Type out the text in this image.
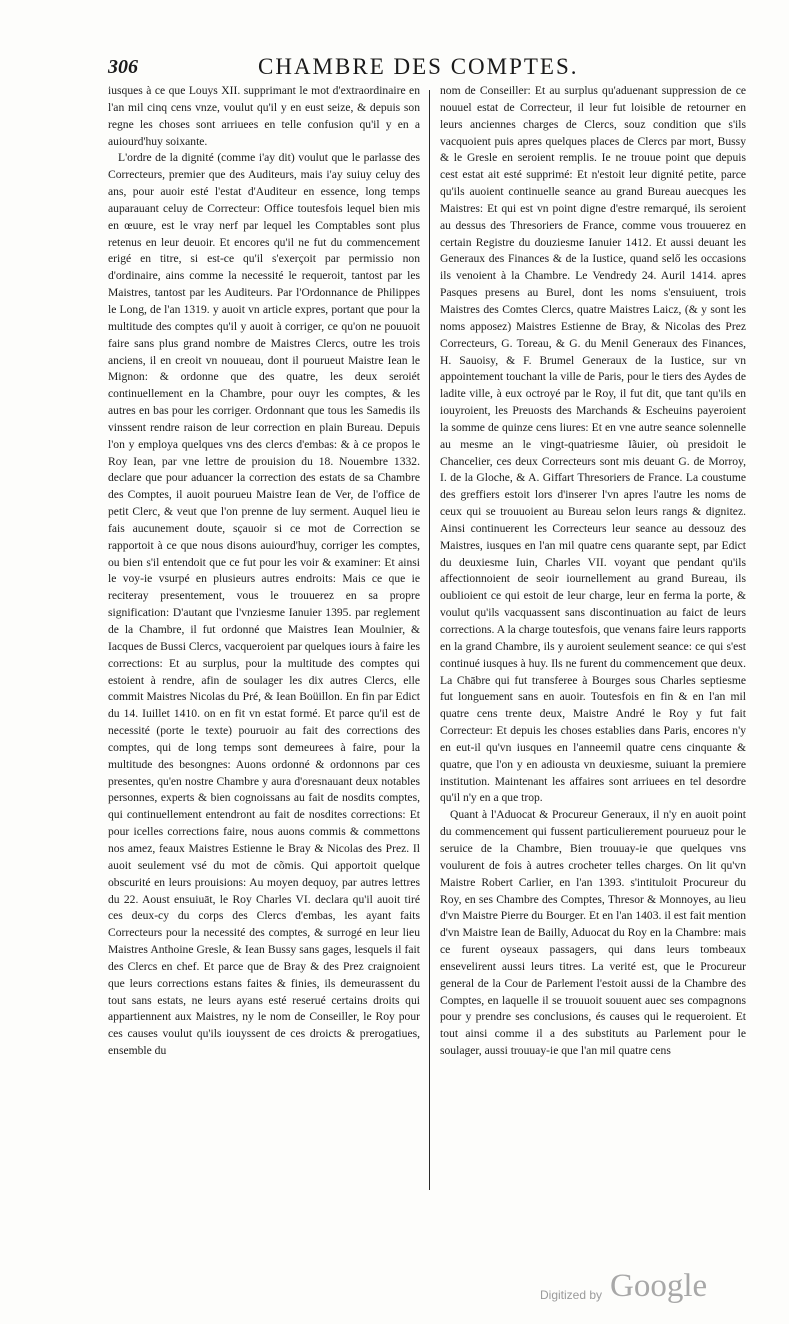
306	CHAMBRE DES COMPTES.

iusques à ce que Louys XII. supprimant le mot d'extraordinaire en l'an mil cinq cens vnze, voulut qu'il y en eust seize, & depuis son regne les choses sont arriuees en telle confusion qu'il y en a auiourd'huy soixante.

L'ordre de la dignité (comme i'ay dit) voulut que le parlasse des Correcteurs, premier que des Auditeurs, mais i'ay suiuy celuy des ans, pour auoir esté l'estat d'Auditeur en essence, long temps auparauant celuy de Correcteur: Office toutesfois lequel bien mis en œuure, est le vray nerf par lequel les Comptables sont plus retenus en leur deuoir. Et encores qu'il ne fut du commencement erigé en titre, si est-ce qu'il s'exerçoit par permissio non d'ordinaire, ains comme la necessité le requeroit, tantost par les Maistres, tantost par les Auditeurs. Par l'Ordonnance de Philippes le Long, de l'an 1319. y auoit vn article expres, portant que pour la multitude des comptes qu'il y auoit à corriger, ce qu'on ne pouuoit faire sans plus grand nombre de Maistres Clercs, outre les trois anciens, il en creoit vn nouueau, dont il pourueut Maistre Iean le Mignon: & ordonne que des quatre, les deux seroiét continuellement en la Chambre, pour ouyr les comptes, & les autres en bas pour les corriger. Ordonnant que tous les Samedis ils vinssent rendre raison de leur correction en plain Bureau. Depuis l'on y employa quelques vns des clercs d'embas: & à ce propos le Roy Iean, par vne lettre de prouision du 18. Nouembre 1332. declare que pour aduancer la correction des estats de sa Chambre des Comptes, il auoit pourueu Maistre Iean de Ver, de l'office de petit Clerc, & veut que l'on prenne de luy serment. Auquel lieu ie fais aucunement doute, sçauoir si ce mot de Correction se rapportoit à ce que nous disons auiourd'huy, corriger les comptes, ou bien s'il entendoit que ce fut pour les voir & examiner: Et ainsi le voy-ie vsurpé en plusieurs autres endroits: Mais ce que ie reciteray presentement, vous le trouuerez en sa propre signification: D'autant que l'vnziesme Ianuier 1395. par reglement de la Chambre, il fut ordonné que Maistres Iean Moulnier, & Iacques de Bussi Clercs, vacqueroient par quelques iours à faire les corrections: Et au surplus, pour la multitude des comptes qui estoient à rendre, afin de soulager les dix autres Clercs, elle commit Maistres Nicolas du Pré, & Iean Boüillon. En fin par Edict du 14. Iuillet 1410. on en fit vn estat formé. Et parce qu'il est de necessité (porte le texte) pouruoir au fait des corrections des comptes, qui de long temps sont demeurees à faire, pour la multitude des besongnes: Auons ordonné & ordonnons par ces presentes, qu'en nostre Chambre y aura d'oresnauant deux notables personnes, experts & bien cognoissans au fait de nosdits comptes, qui continuellement entendront au fait de nosdites corrections: Et pour icelles corrections faire, nous auons commis & commettons nos amez, feaux Maistres Estienne le Bray & Nicolas des Prez. Il auoit seulement vsé du mot de cõmis. Qui apportoit quelque obscurité en leurs prouisions: Au moyen dequoy, par autres lettres du 22. Aoust ensuiuāt, le Roy Charles VI. declara qu'il auoit tiré ces deux-cy du corps des Clercs d'embas, les ayant faits Correcteurs pour la necessité des comptes, & surrogé en leur lieu Maistres Anthoine Gresle, & Iean Bussy sans gages, lesquels il fait des Clercs en chef. Et parce que de Bray & des Prez craignoient que leurs corrections estans faites & finies, ils demeurassent du tout sans estats, ne leurs ayans esté reserué certains droits qui appartiennent aux Maistres, ny le nom de Conseiller, le Roy pour ces causes voulut qu'ils iouyssent de ces droicts & prerogatiues, ensemble du

nom de Conseiller: Et au surplus qu'aduenant suppression de ce nouuel estat de Correcteur, il leur fut loisible de retourner en leurs anciennes charges de Clercs, souz condition que s'ils vacquoient puis apres quelques places de Clercs par mort, Bussy & le Gresle en seroient remplis. Ie ne trouue point que depuis cest estat ait esté supprimé: Et n'estoit leur dignité petite, parce qu'ils auoient continuelle seance au grand Bureau auecques les Maistres: Et qui est vn point digne d'estre remarqué, ils seroient au dessus des Thresoriers de France, comme vous trouuerez en certain Registre du douziesme Ianuier 1412. Et aussi deuant les Generaux des Finances & de la Iustice, quand selő les occasions ils venoient à la Chambre. Le Vendredy 24. Auril 1414. apres Pasques presens au Burel, dont les noms s'ensuiuent, trois Maistres des Comtes Clercs, quatre Maistres Laicz, (& y sont les noms apposez) Maistres Estienne de Bray, & Nicolas des Prez Correcteurs, G. Toreau, & G. du Menil Generaux des Finances, H. Sauoisy, & F. Brumel Generaux de la Iustice, sur vn appointement touchant la ville de Paris, pour le tiers des Aydes de ladite ville, à eux octroyé par le Roy, il fut dit, que tant qu'ils en iouyroient, les Preuosts des Marchands & Escheuins payeroient la somme de quinze cens liures: Et en vne autre seance solennelle au mesme an le vingt-quatriesme Iãuier, où presidoit le Chancelier, ces deux Correcteurs sont mis deuant G. de Morroy, I. de la Gloche, & A. Giffart Thresoriers de France. La coustume des greffiers estoit lors d'inserer l'vn apres l'autre les noms de ceux qui se trouuoient au Bureau selon leurs rangs & dignitez. Ainsi continuerent les Correcteurs leur seance au dessouz des Maistres, iusques en l'an mil quatre cens quarante sept, par Edict du deuxiesme Iuin, Charles VII. voyant que pendant qu'ils affectionnoient de seoir iournellement au grand Bureau, ils oublioient ce qui estoit de leur charge, leur en ferma la porte, & voulut qu'ils vacquassent sans discontinuation au faict de leurs corrections. A la charge toutesfois, que venans faire leurs rapports en la grand Chambre, ils y auroient seulement seance: ce qui s'est continué iusques à huy. Ils ne furent du commencement que deux. La Chābre qui fut transferee à Bourges sous Charles septiesme fut longuement sans en auoir. Toutesfois en fin & en l'an mil quatre cens trente deux, Maistre André le Roy y fut fait Correcteur: Et depuis les choses establies dans Paris, encores n'y en eut-il qu'vn iusques en l'anneemil quatre cens cinquante & quatre, que l'on y en adiousta vn deuxiesme, suiuant la premiere institution. Maintenant les affaires sont arriuees en tel desordre qu'il n'y en a que trop.

Quant à l'Aduocat & Procureur Generaux, il n'y en auoit point du commencement qui fussent particulierement pourueuz pour le seruice de la Chambre, Bien trouuay-ie que quelques vns voulurent de fois à autres crocheter telles charges. On lit qu'vn Maistre Robert Carlier, en l'an 1393. s'intituloit Procureur du Roy, en ses Chambre des Comptes, Thresor & Monnoyes, au lieu d'vn Maistre Pierre du Bourger. Et en l'an 1403. il est fait mention d'vn Maistre Iean de Bailly, Aduocat du Roy en la Chambre: mais ce furent oyseaux passagers, qui dans leurs tombeaux ensevelirent aussi leurs titres. La verité est, que le Procureur general de la Cour de Parlement l'estoit aussi de la Chambre des Comptes, en laquelle il se trouuoit souuent auec ses compagnons pour y prendre ses conclusions, és causes qui le requeroient. Et tout ainsi comme il a des substituts au Parlement pour le soulager, aussi trouuay-ie que l'an mil quatre cens

Digitized by Google
